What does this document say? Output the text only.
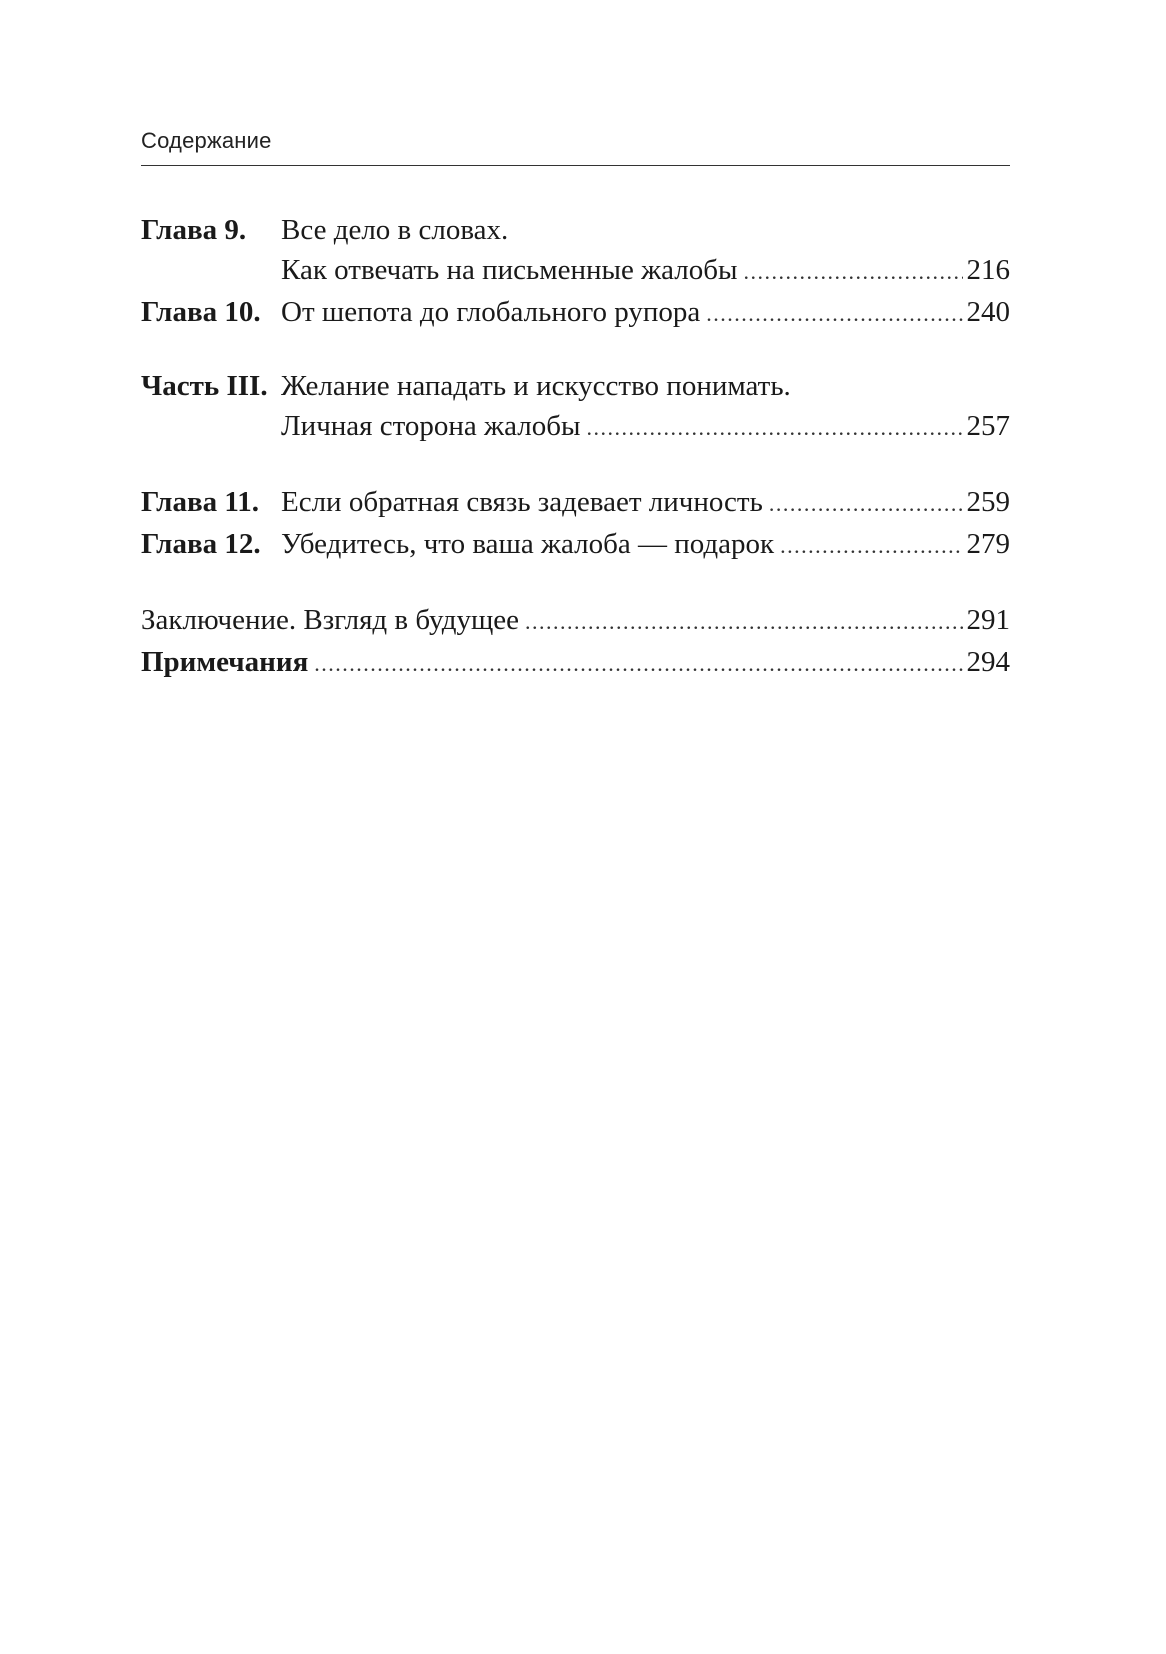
Содержание
Глава 9.	Все дело в словах.
Как отвечать на письменные жалобы .....	216
Глава 10. От шепота до глобального рупора .....	240
Часть III. Желание нападать и искусство понимать.
Личная сторона жалобы .....	257
Глава 11. Если обратная связь задевает личность .....	259
Глава 12. Убедитесь, что ваша жалоба — подарок .....	279
Заключение. Взгляд в будущее .....	291
Примечания .....	294
